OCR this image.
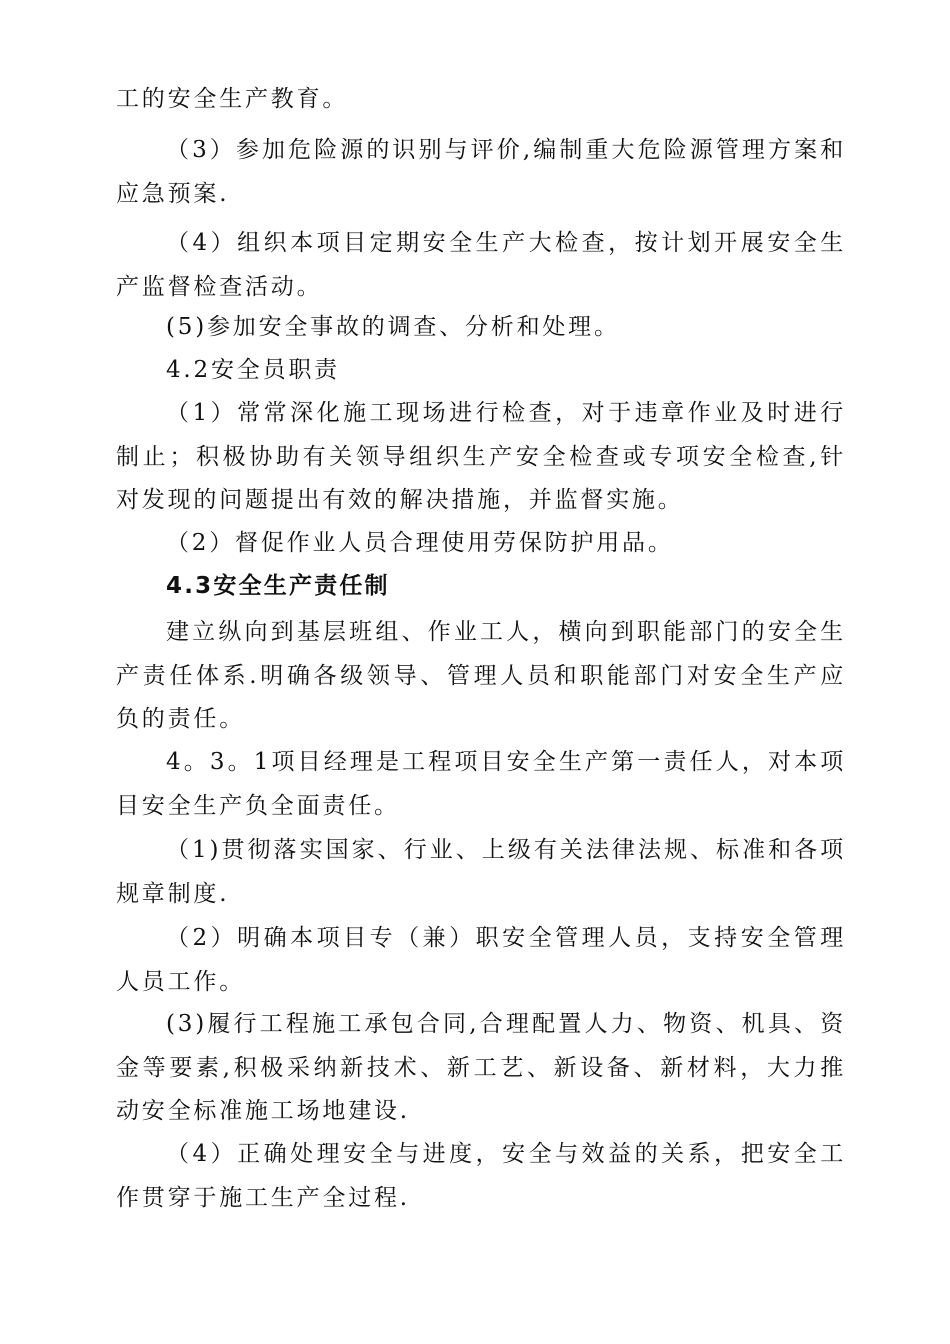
工的安全生产教育。

（3）参加危险源的识别与评价,编制重大危险源管理方案和应急预案.

（4）组织本项目定期安全生产大检查，按计划开展安全生产监督检查活动。

(5)参加安全事故的调查、分析和处理。

4.2安全员职责

（1）常常深化施工现场进行检查，对于违章作业及时进行制止；积极协助有关领导组织生产安全检查或专项安全检查,针对发现的问题提出有效的解决措施，并监督实施。

（2）督促作业人员合理使用劳保防护用品。

4.3安全生产责任制

建立纵向到基层班组、作业工人，横向到职能部门的安全生产责任体系.明确各级领导、管理人员和职能部门对安全生产应负的责任。

4。3。1项目经理是工程项目安全生产第一责任人，对本项目安全生产负全面责任。

（1)贯彻落实国家、行业、上级有关法律法规、标准和各项规章制度.

（2）明确本项目专（兼）职安全管理人员，支持安全管理人员工作。

(3)履行工程施工承包合同,合理配置人力、物资、机具、资金等要素,积极采纳新技术、新工艺、新设备、新材料，大力推动安全标准施工场地建设.

（4）正确处理安全与进度，安全与效益的关系，把安全工作贯穿于施工生产全过程.
